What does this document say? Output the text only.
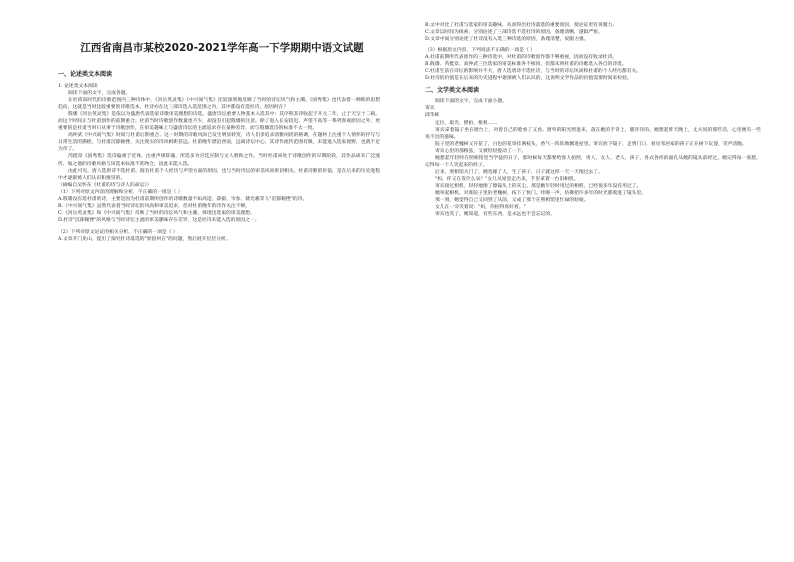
江西省南昌市某校2020-2021学年高一下学期期中语文试题
一、论述类文本阅读

1. 论述类文本阅读

阅读下面的文字，完成各题。

在杜甫南时代的诗歌范围内三种诗体中，《河岳英灵集》《中兴间气集》比较深刻地反映了当时的诗坛风气和主潮。《国秀集》也代表着一种新的思想趋向，这就是当时比较重要的诗歌选本，杜诗亦在这三部诗选入选范围之内，其中都没有选杜诗，原因何在？

殷璠《河岳英灵集》是依以为盛唐代表选家诗歌审美理想的诗选。盛唐诗坛重要人物基本入选其中：其序称其诗收起于开元二年，止于天宝十二载。而这个时间正与杜甫创作的前期重合。杜甫当时诗歌创作数量也不少，却没有引起殷璠的注意。除了进入长安较迟、声望不高等一系列客观原因之外，更重要的是杜甫当时只从事于诗歌创作，在审美趣味上与盛唐诗坛的主流追求存在某种差异，而与殷璠选诗的标准不太一致。

高仲武《中兴间气集》时间与杜甫后期重合。这一时期的诗歌风尚已发生明显转变，诗人们多追求清雅闲淡的格调，在题材上注重个人情怀的抒写与日常生活的描绘，与杜甫沉郁顿挫、关注现实的诗风相距甚远。杜甫晚年漂泊西南，远离诗坛中心，其诗作流传范围有限，未能进入选家视野，也就不足为奇了。

芮挺章《国秀集》选诗偏重于近体，注重声律辞藻，所选多为宫廷应制与文人唱和之作。当时杜甫尚处于诗歌创作的早期阶段，其作品尚未广泛流传，加之他的诗歌风格与该选本标准不甚吻合，因此未能入选。

由此可见，唐人选唐诗不选杜甫，既有杜甫个人经历与声望方面的原因，也与当时诗坛的审美风尚密切相关。杜甫诗歌的价值，是在后来的历史进程中才逐渐被人们认识和推崇的。

（摘编自吴怀东《杜甫的诗与诗人的命运》）

（1）下列对原文内容的理解和分析，不正确的一项是（ ）

A.殷璠没有选杜甫的诗，主要是因为杜甫前期所创作的诗歌数量不如高适、薛据、岑参、储光羲等人"沉郁顿挫"的诗。

B.《中兴间气集》虽然代表着当时诗坛的风尚和审美追求，但对杜甫晚年的诗作关注不够。

C.《河岳英灵集》和《中兴间气集》反映了当时的诗坛风气和主潮，体现出选家的审美理想。

D.杜诗"沉郁顿挫"的风格与当时诗坛主流的审美趣味存在差异，这是杜诗未能入选的原因之一。

（2）下列对原文论证的相关分析，不正确的一项是（ ）

A.文章开门见山，提出了探究杜诗落选的"原因何在"的问题，然后展开层层分析。

B.文中对比了杜甫与选家的审美趣味，从而得出杜诗落选的重要原因，使论证更有说服力。

C.文章以时间为线索，分别论述了三部诗选不选杜诗的原因，条理清晰，逻辑严密。

D.文章中间分别论述了杜诗没有入选三种诗选的原因，条理清楚，说服力强。

（3）根据原文内容，下列说法不正确的一项是（ ）

A.杜甫前期所代表创作的三种诗选中，对杜甫的诗歌创作都不够重视，因而没有收录杜诗。

B.殷璠、芮挺章、高仲武三位选家的审美标准各不相同，但都未将杜甫的诗歌选入各自的诗选。

C.杜甫生前在诗坛的影响并不大，唐人选唐诗不选杜诗，与当时的诗坛风尚和杜甫的个人经历都有关。

D.杜诗的价值是在后来的历史进程中逐渐被人们认识的，这说明文学作品的价值需要时间来检验。

二、文学类文本阅读

阅读下面的文字，完成下面小题。

寄宾

邱华栋

定位、取光、摆拍、框机……

寄宾拿着镜子坐在窗台上，对着自己的脸看了又看。窗外的阳光照进来，落在她的手背上，暖洋洋的。她想起昨天晚上，丈夫说的那些话，心里便有一些说不出的滋味。

院子里的老槐树又开花了，白色的花串挂满枝头，香气一阵阵地飘进屋里。寄宾放下镜子，走到门口，看见邻居家的孩子正在树下玩耍，笑声清脆。

寄宾心里的那根弦，又被轻轻拨动了一下。

她想起年轻时在照相馆里当学徒的日子，那时候每天都要给客人拍照，男人、女人、老人、孩子，各式各样的面孔从她的镜头前经过。她记得每一张脸，记得每一个人笑起来的样子。

后来，照相馆关门了，她也嫁了人，生了孩子，日子就这样一天一天地过去了。

"妈，你又在发什么呆？"女儿从屋里走出来，手里拿着一台旧相机。

寄宾接过相机，轻轻地擦了擦镜头上的灰尘。那是她年轻时用过的相机，已经很多年没有用过了。

她举起相机，对准院子里的老槐树，按下了快门。咔嚓一声，仿佛把许多年的时光都收进了镜头里。

那一刻，她觉得自己又回到了从前，又成了那个在照相馆里忙碌的姑娘。

女儿在一旁笑着说："妈，你拍得真好看。"

寄宾也笑了。她知道，有些东西，是永远也不会忘记的。
